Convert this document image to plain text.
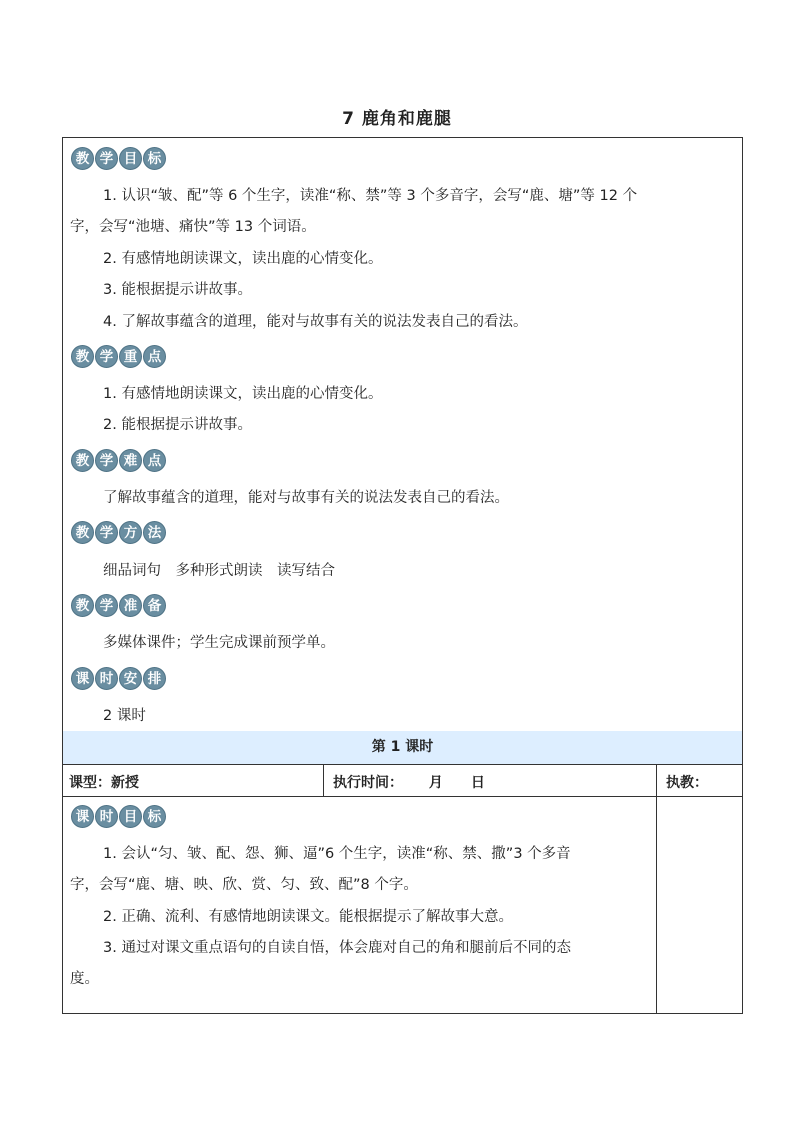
7 鹿角和鹿腿
教 学 目 标
1. 认识“皱、配”等 6 个生字，读准“称、禁”等 3 个多音字，会写“鹿、塘”等 12 个
字，会写“池塘、痛快”等 13 个词语。
2. 有感情地朗读课文，读出鹿的心情变化。
3. 能根据提示讲故事。
4. 了解故事蕴含的道理，能对与故事有关的说法发表自己的看法。
教 学 重 点
1. 有感情地朗读课文，读出鹿的心情变化。
2. 能根据提示讲故事。
教 学 难 点
了解故事蕴含的道理，能对与故事有关的说法发表自己的看法。
教 学 方 法
细品词句　多种形式朗读　读写结合
教 学 准 备
多媒体课件；学生完成课前预学单。
课 时 安 排
2 课时
第 1 课时
课型：新授	执行时间：　　 月　　日	执教：
课 时 目 标
1. 会认“匀、皱、配、怨、狮、逼”6 个生字，读准“称、禁、撒”3 个多音
字，会写“鹿、塘、映、欣、赏、匀、致、配”8 个字。
2. 正确、流利、有感情地朗读课文。能根据提示了解故事大意。
3. 通过对课文重点语句的自读自悟，体会鹿对自己的角和腿前后不同的态
度。
